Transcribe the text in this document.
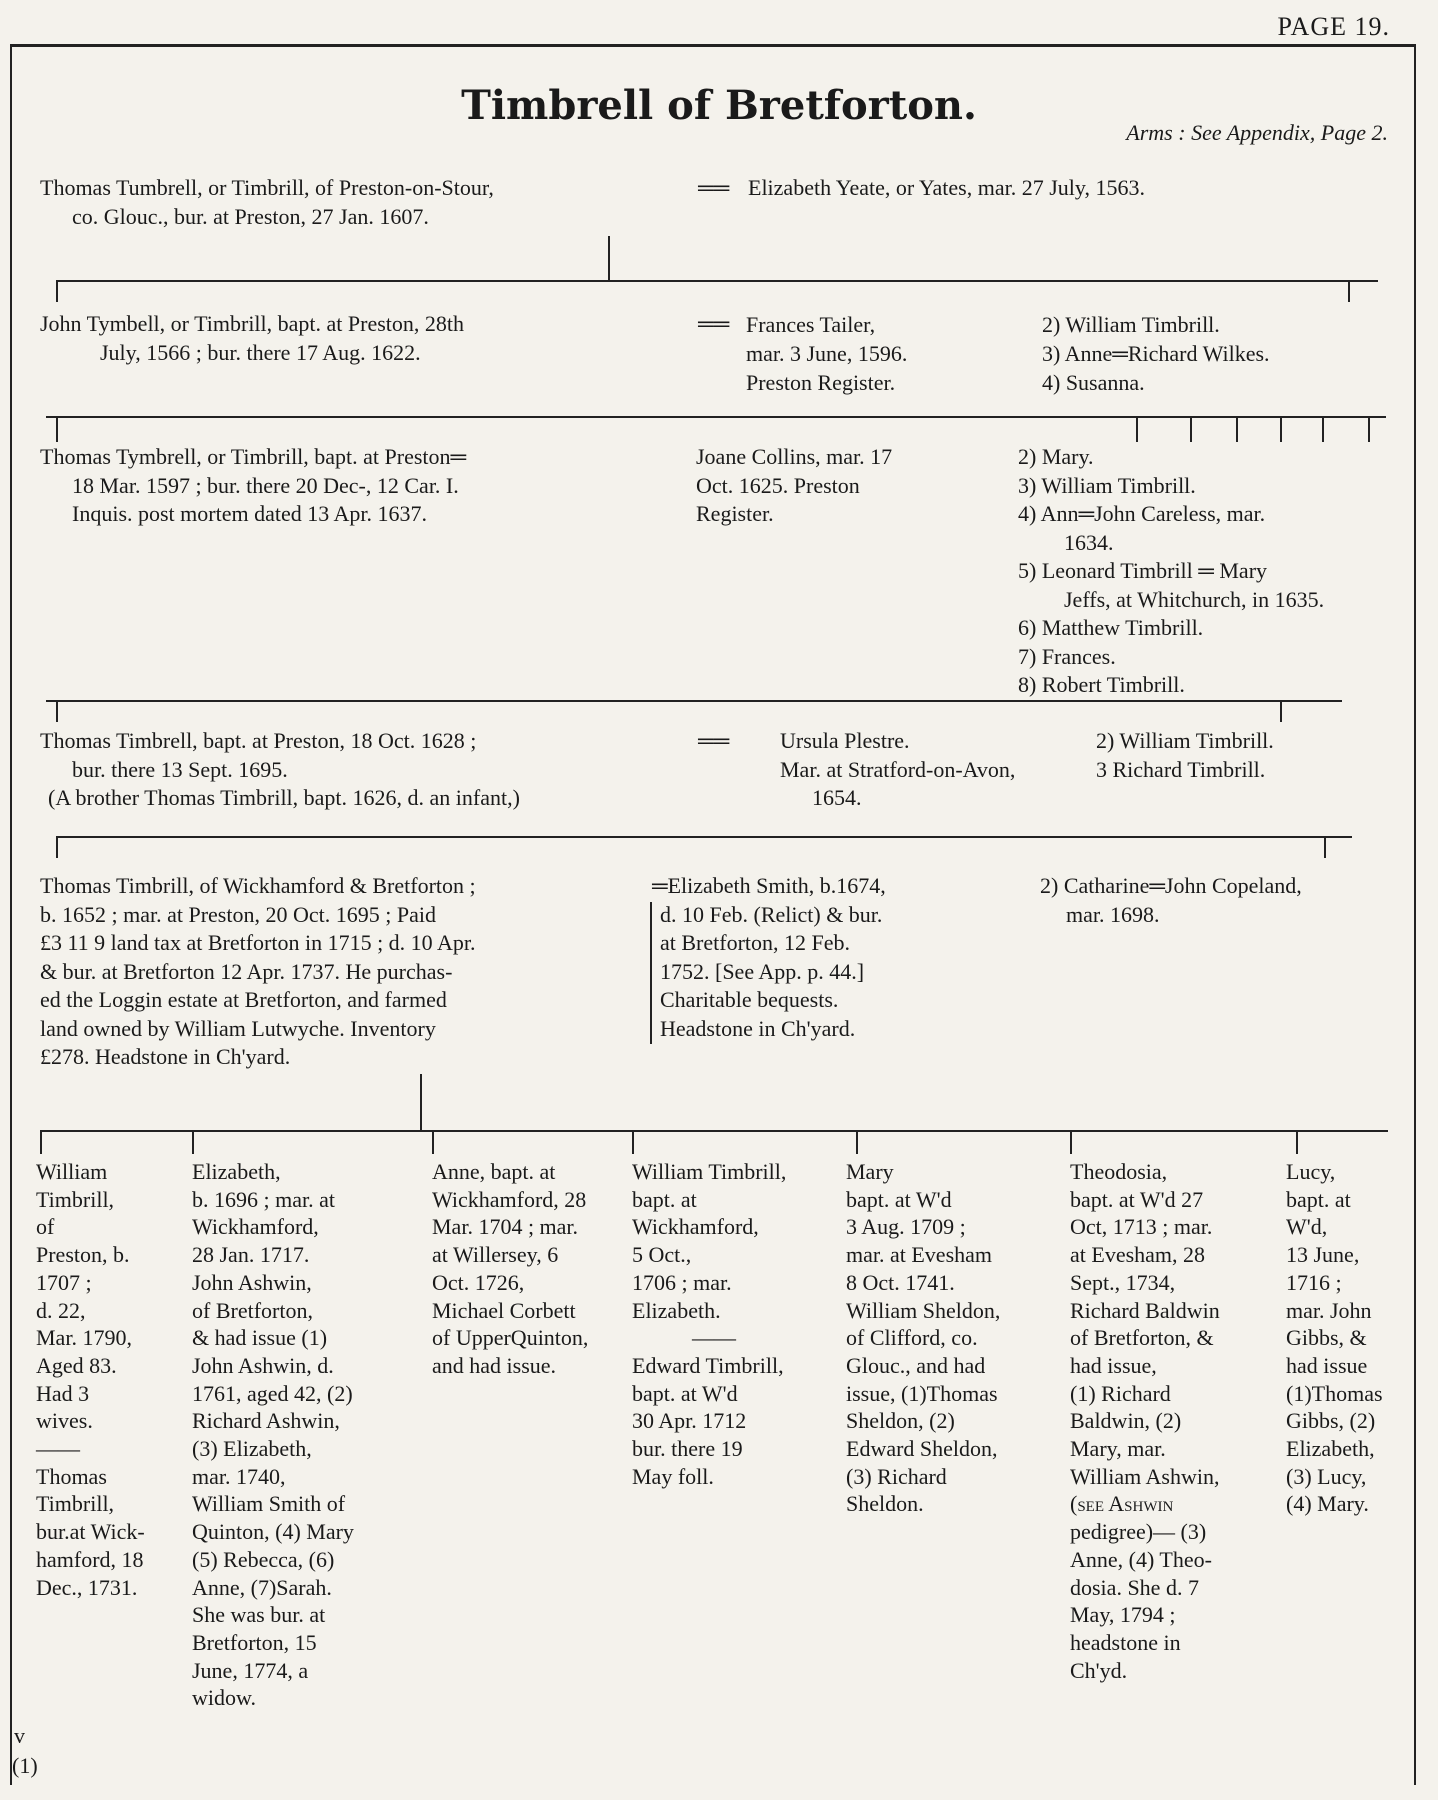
PAGE 19.
Timbrell of Bretforton.
Arms : See Appendix, Page 2.
Thomas Tumbrell, or Timbrill, of Preston-on-Stour,
co. Glouc., bur. at Preston, 27 Jan. 1607.
══ Elizabeth Yeate, or Yates, mar. 27 July, 1563.
John Tymbell, or Timbrill, bapt. at Preston, 28th
July, 1566 ; bur. there 17 Aug. 1622.
══ Frances Tailer,
mar. 3 June, 1596.
Preston Register.
2) William Timbrill.
3) Anne═Richard Wilkes.
4) Susanna.
Thomas Tymbrell, or Timbrill, bapt. at Preston═
18 Mar. 1597 ; bur. there 20 Dec-, 12 Car. I.
Inquis. post mortem dated 13 Apr. 1637.
Joane Collins, mar. 17
Oct. 1625. Preston
Register.
2) Mary.
3) William Timbrill.
4) Ann═John Careless, mar.
1634.
5) Leonard Timbrill ═ Mary
Jeffs, at Whitchurch, in 1635.
6) Matthew Timbrill.
7) Frances.
8) Robert Timbrill.
Thomas Timbrell, bapt. at Preston, 18 Oct. 1628 ;
bur. there 13 Sept. 1695.
(A brother Thomas Timbrill, bapt. 1626, d. an infant,)
══ Ursula Plestre.
Mar. at Stratford-on-Avon,
1654.
2) William Timbrill.
3 Richard Timbrill.
Thomas Timbrill, of Wickhamford & Bretforton ;
b. 1652 ; mar. at Preston, 20 Oct. 1695 ; Paid
£3 11 9 land tax at Bretforton in 1715 ; d. 10 Apr.
& bur. at Bretforton 12 Apr. 1737. He purchas-
ed the Loggin estate at Bretforton, and farmed
land owned by William Lutwyche. Inventory
£278. Headstone in Ch'yard.
═Elizabeth Smith, b.1674,
d. 10 Feb. (Relict) & bur.
at Bretforton, 12 Feb.
1752. [See App. p. 44.]
Charitable bequests.
Headstone in Ch'yard.
2) Catharine═John Copeland,
mar. 1698.
William
Timbrill,
of
Preston, b.
1707 ;
d. 22,
Mar. 1790,
Aged 83.
Had 3
wives.
——
Thomas
Timbrill,
bur.at Wick-
hamford, 18
Dec., 1731.
Elizabeth,
b. 1696 ; mar. at
Wickhamford,
28 Jan. 1717.
John Ashwin,
of Bretforton,
& had issue (1)
John Ashwin, d.
1761, aged 42, (2)
Richard Ashwin,
(3) Elizabeth,
mar. 1740,
William Smith of
Quinton, (4) Mary
(5) Rebecca, (6)
Anne, (7)Sarah.
She was bur. at
Bretforton, 15
June, 1774, a
widow.
Anne, bapt. at
Wickhamford, 28
Mar. 1704 ; mar.
at Willersey, 6
Oct. 1726,
Michael Corbett
of UpperQuinton,
and had issue.
William Timbrill,
bapt. at
Wickhamford,
5 Oct.,
1706 ; mar.
Elizabeth.
——
Edward Timbrill,
bapt. at W'd
30 Apr. 1712
bur. there 19
May foll.
Mary
bapt. at W'd
3 Aug. 1709 ;
mar. at Evesham
8 Oct. 1741.
William Sheldon,
of Clifford, co.
Glouc., and had
issue, (1)Thomas
Sheldon, (2)
Edward Sheldon,
(3) Richard
Sheldon.
Theodosia,
bapt. at W'd 27
Oct, 1713 ; mar.
at Evesham, 28
Sept., 1734,
Richard Baldwin
of Bretforton, &
had issue,
(1) Richard
Baldwin, (2)
Mary, mar.
William Ashwin,
(see Ashwin
pedigree)— (3)
Anne, (4) Theo-
dosia. She d. 7
May, 1794 ;
headstone in
Ch'yd.
Lucy,
bapt. at
W'd,
13 June,
1716 ;
mar. John
Gibbs, &
had issue
(1)Thomas
Gibbs, (2)
Elizabeth,
(3) Lucy,
(4) Mary.
v
(1)
